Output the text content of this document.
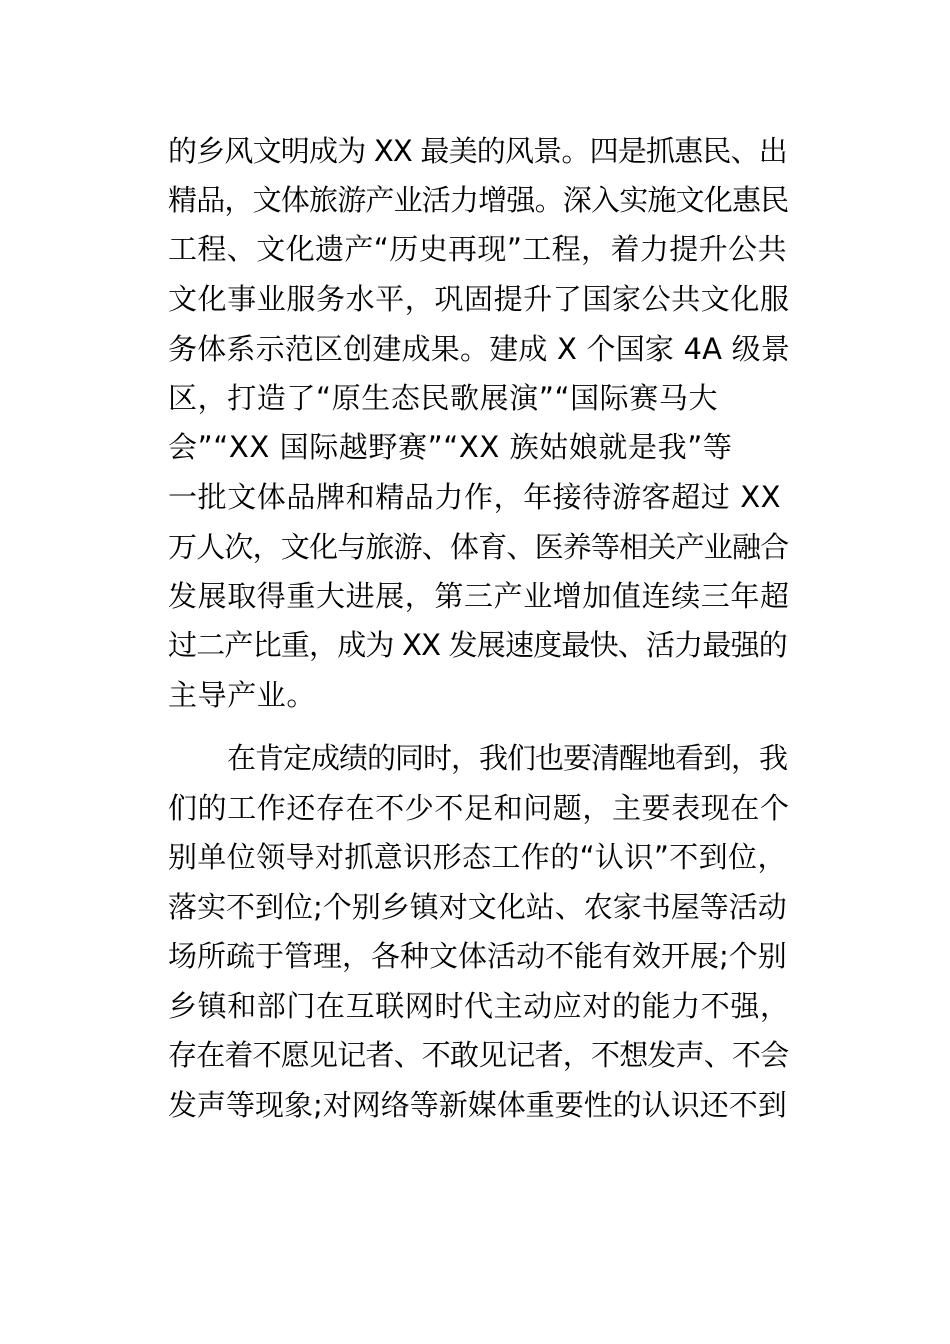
的乡风文明成为 XX 最美的风景。四是抓惠民、出
精品，文体旅游产业活力增强。深入实施文化惠民
工程、文化遗产“历史再现”工程，着力提升公共
文化事业服务水平，巩固提升了国家公共文化服
务体系示范区创建成果。建成 X 个国家 4A 级景
区，打造了“原生态民歌展演”“国际赛马大
会”“XX 国际越野赛”“XX 族姑娘就是我”等
一批文体品牌和精品力作，年接待游客超过 XX
万人次，文化与旅游、体育、医养等相关产业融合
发展取得重大进展，第三产业增加值连续三年超
过二产比重，成为 XX 发展速度最快、活力最强的
主导产业。
在肯定成绩的同时，我们也要清醒地看到，我
们的工作还存在不少不足和问题，主要表现在个
别单位领导对抓意识形态工作的“认识”不到位，
落实不到位;个别乡镇对文化站、农家书屋等活动
场所疏于管理，各种文体活动不能有效开展;个别
乡镇和部门在互联网时代主动应对的能力不强，
存在着不愿见记者、不敢见记者，不想发声、不会
发声等现象;对网络等新媒体重要性的认识还不到
